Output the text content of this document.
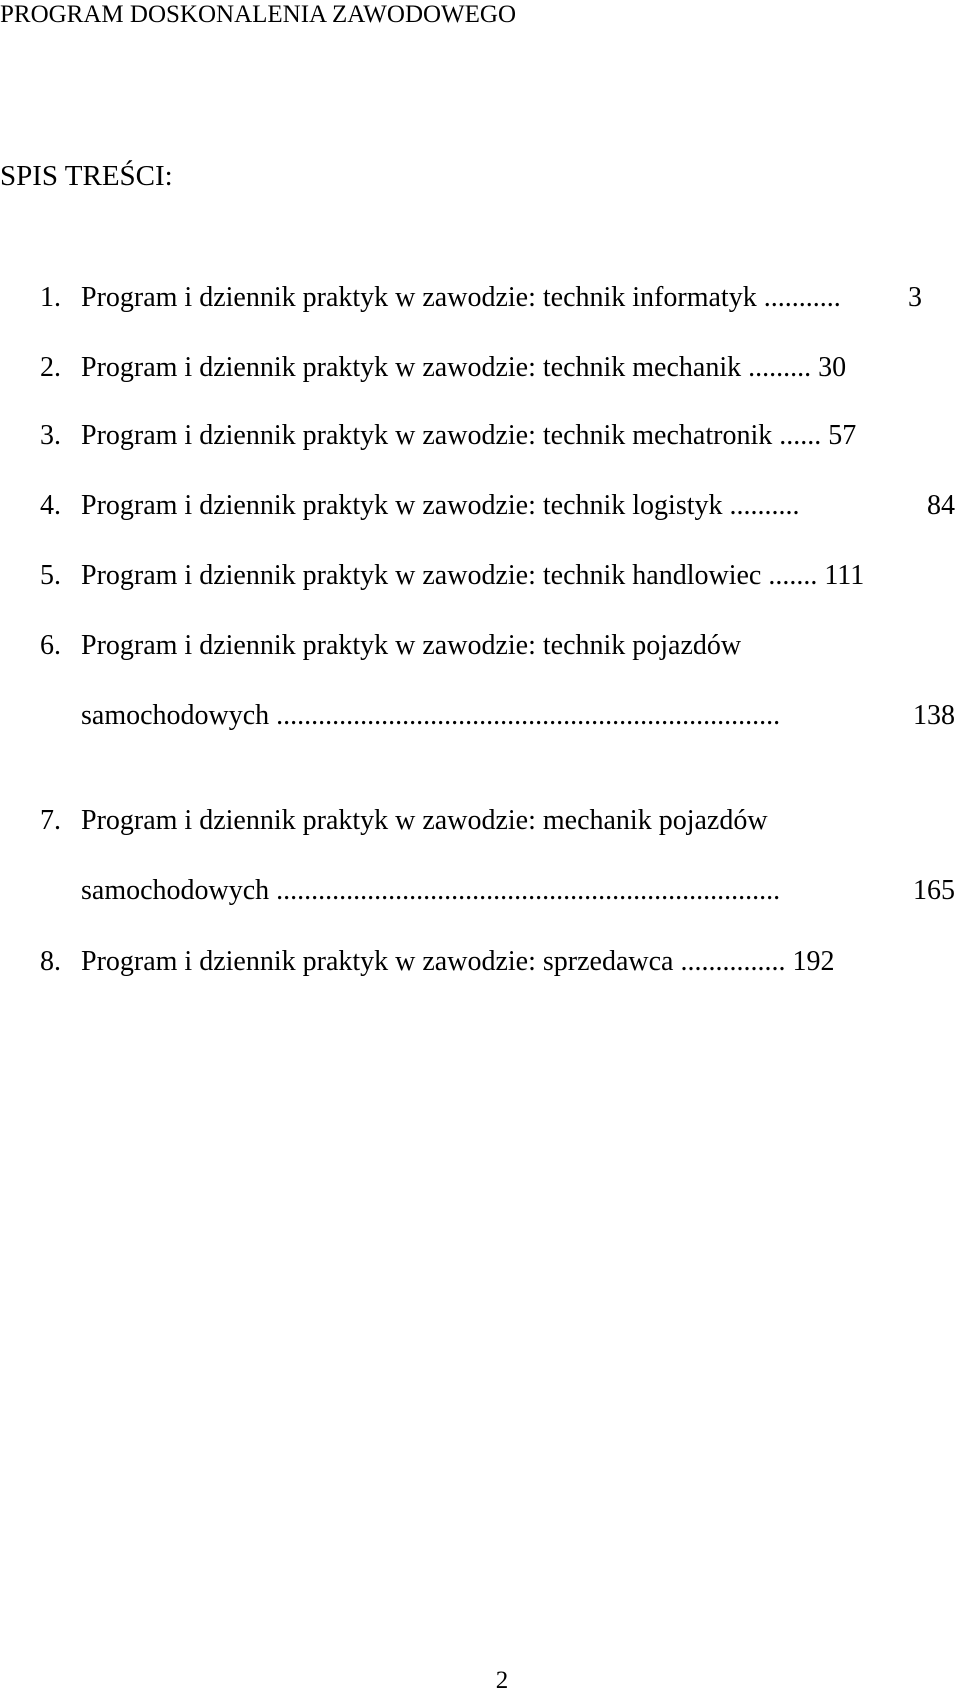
PROGRAM DOSKONALENIA ZAWODOWEGO
SPIS TREŚCI:
1. Program i dziennik praktyk w zawodzie: technik informatyk ........... 3
2. Program i dziennik praktyk w zawodzie: technik mechanik ......... 30
3. Program i dziennik praktyk w zawodzie: technik mechatronik ...... 57
4. Program i dziennik praktyk w zawodzie: technik logistyk ..........	84
5. Program i dziennik praktyk w zawodzie: technik handlowiec ....... 111
6. Program i dziennik praktyk w zawodzie: technik pojazdów
samochodowych ........................................................................	138
7. Program i dziennik praktyk w zawodzie: mechanik pojazdów
samochodowych ........................................................................	165
8. Program i dziennik praktyk w zawodzie: sprzedawca ............... 192
2
